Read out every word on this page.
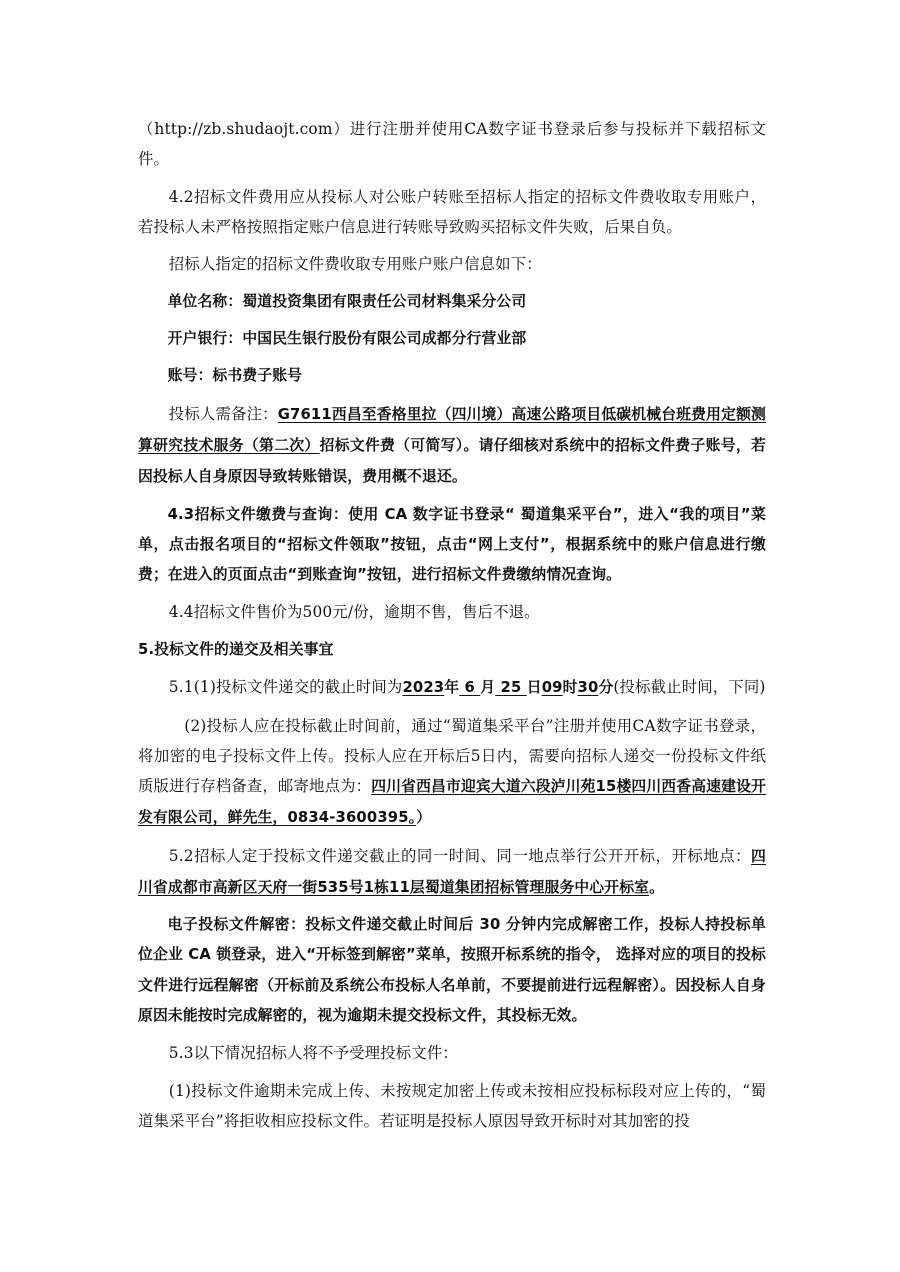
（http://zb.shudaojt.com）进行注册并使用CA数字证书登录后参与投标并下载招标文件。

4.2招标文件费用应从投标人对公账户转账至招标人指定的招标文件费收取专用账户，若投标人未严格按照指定账户信息进行转账导致购买招标文件失败，后果自负。

招标人指定的招标文件费收取专用账户账户信息如下：

单位名称：蜀道投资集团有限责任公司材料集采分公司

开户银行：中国民生银行股份有限公司成都分行营业部

账号：标书费子账号

投标人需备注：G7611西昌至香格里拉（四川境）高速公路项目低碳机械台班费用定额测算研究技术服务（第二次）招标文件费（可简写）。请仔细核对系统中的招标文件费子账号，若因投标人自身原因导致转账错误，费用概不退还。

4.3招标文件缴费与查询：使用 CA 数字证书登录“ 蜀道集采平台”，进入“我的项目”菜单，点击报名项目的“招标文件领取”按钮，点击“网上支付”，根据系统中的账户信息进行缴费；在进入的页面点击“到账查询”按钮，进行招标文件费缴纳情况查询。

4.4招标文件售价为500元/份，逾期不售，售后不退。

5.投标文件的递交及相关事宜

5.1(1)投标文件递交的截止时间为2023年 6 月 25 日09时30分(投标截止时间，下同)

(2)投标人应在投标截止时间前，通过“蜀道集采平台”注册并使用CA数字证书登录，将加密的电子投标文件上传。投标人应在开标后5日内，需要向招标人递交一份投标文件纸质版进行存档备查，邮寄地点为：四川省西昌市迎宾大道六段泸川苑15楼四川西香高速建设开发有限公司，鲜先生，0834-3600395。）

5.2招标人定于投标文件递交截止的同一时间、同一地点举行公开开标，开标地点：四川省成都市高新区天府一街535号1栋11层蜀道集团招标管理服务中心开标室。

电子投标文件解密：投标文件递交截止时间后 30 分钟内完成解密工作，投标人持投标单位企业 CA 锁登录，进入“开标签到解密”菜单，按照开标系统的指令， 选择对应的项目的投标文件进行远程解密（开标前及系统公布投标人名单前，不要提前进行远程解密）。因投标人自身原因未能按时完成解密的，视为逾期未提交投标文件，其投标无效。

5.3以下情况招标人将不予受理投标文件：

(1)投标文件逾期未完成上传、未按规定加密上传或未按相应投标标段对应上传的，“蜀道集采平台”将拒收相应投标文件。若证明是投标人原因导致开标时对其加密的投
